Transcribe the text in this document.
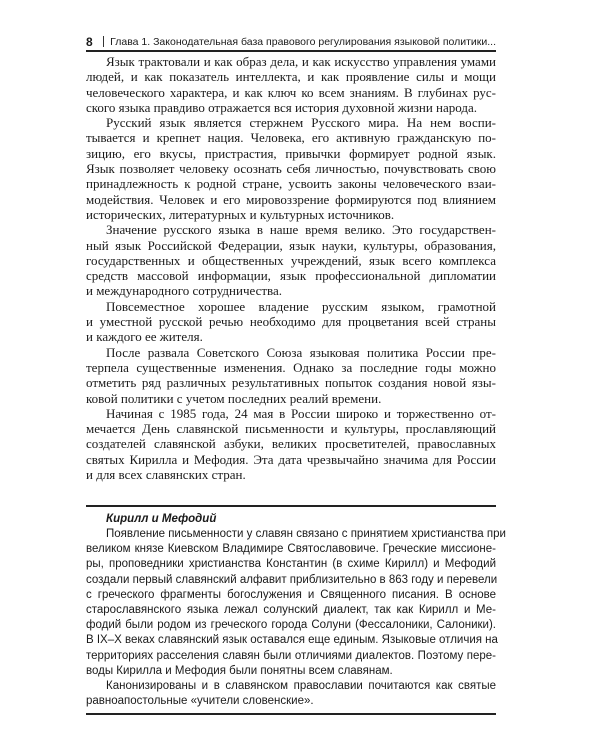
8	Глава 1. Законодательная база правового регулирования языковой политики...
Язык трактовали и как образ дела, и как искусство управления умами
людей, и как показатель интеллекта, и как проявление силы и мощи
человеческого характера, и как ключ ко всем знаниям. В глубинах рус-
ского языка правдиво отражается вся история духовной жизни народа.
Русский язык является стержнем Русского мира. На нем воспи-
тывается и крепнет нация. Человека, его активную гражданскую по-
зицию, его вкусы, пристрастия, привычки формирует родной язык.
Язык позволяет человеку осознать себя личностью, почувствовать свою
принадлежность к родной стране, усвоить законы человеческого взаи-
модействия. Человек и его мировоззрение формируются под влиянием
исторических, литературных и культурных источников.
Значение русского языка в наше время велико. Это государствен-
ный язык Российской Федерации, язык науки, культуры, образования,
государственных и общественных учреждений, язык всего комплекса
средств массовой информации, язык профессиональной дипломатии
и международного сотрудничества.
Повсеместное хорошее владение русским языком, грамотной
и уместной русской речью необходимо для процветания всей страны
и каждого ее жителя.
После развала Советского Союза языковая политика России пре-
терпела существенные изменения. Однако за последние годы можно
отметить ряд различных результативных попыток создания новой язы-
ковой политики с учетом последних реалий времени.
Начиная с 1985 года, 24 мая в России широко и торжественно от-
мечается День славянской письменности и культуры, прославляющий
создателей славянской азбуки, великих просветителей, православных
святых Кирилла и Мефодия. Эта дата чрезвычайно значима для России
и для всех славянских стран.
Кирилл и Мефодий
Появление письменности у славян связано с принятием христианства при
великом князе Киевском Владимире Святославовиче. Греческие миссионе-
ры, проповедники христианства Константин (в схиме Кирилл) и Мефодий
создали первый славянский алфавит приблизительно в 863 году и перевели
с греческого фрагменты богослужения и Священного писания. В основе
старославянского языка лежал солунский диалект, так как Кирилл и Ме-
фодий были родом из греческого города Солуни (Фессалоники, Салоники).
В IX–X веках славянский язык оставался еще единым. Языковые отличия на
территориях расселения славян были отличиями диалектов. Поэтому пере-
воды Кирилла и Мефодия были понятны всем славянам.
Канонизированы и в славянском православии почитаются как святые
равноапостольные «учители словенские».
